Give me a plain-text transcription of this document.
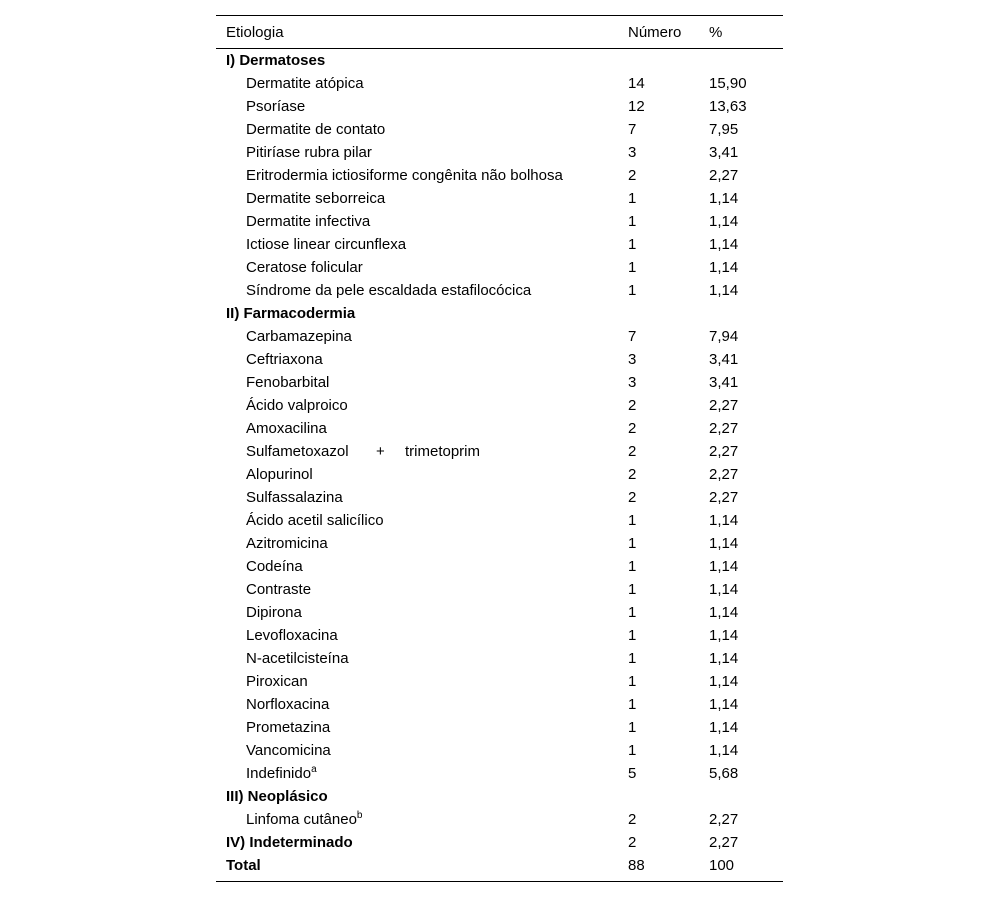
Etiologia	Número %
I) Dermatoses
Dermatite atópica	14	15,90
Psoríase	12	13,63
Dermatite de contato	7	7,95
Pitiríase rubra pilar	3	3,41
Eritrodermia ictiosiforme congênita não bolhosa	2	2,27
Dermatite seborreica	1	1,14
Dermatite infectiva	1	1,14
Ictiose linear circunflexa	1	1,14
Ceratose folicular	1	1,14
Síndrome da pele escaldada estafilocócica	1	1,14
II) Farmacodermia
Carbamazepina	7	7,94
Ceftriaxona	3	3,41
Fenobarbital	3	3,41
Ácido valproico	2	2,27
Amoxacilina	2	2,27
Sulfametoxazol + trimetoprim	2	2,27
Alopurinol	2	2,27
Sulfassalazina	2	2,27
Ácido acetil salicílico	1	1,14
Azitromicina	1	1,14
Codeína	1	1,14
Contraste	1	1,14
Dipirona	1	1,14
Levofloxacina	1	1,14
N-acetilcisteína	1	1,14
Piroxican	1	1,14
Norfloxacina	1	1,14
Prometazina	1	1,14
Vancomicina	1	1,14
Indefinido$^a$	5	5,68
III) Neoplásico
Linfoma cutâneo$^b$	2	2,27
IV) Indeterminado	2	2,27
Total	88	100
